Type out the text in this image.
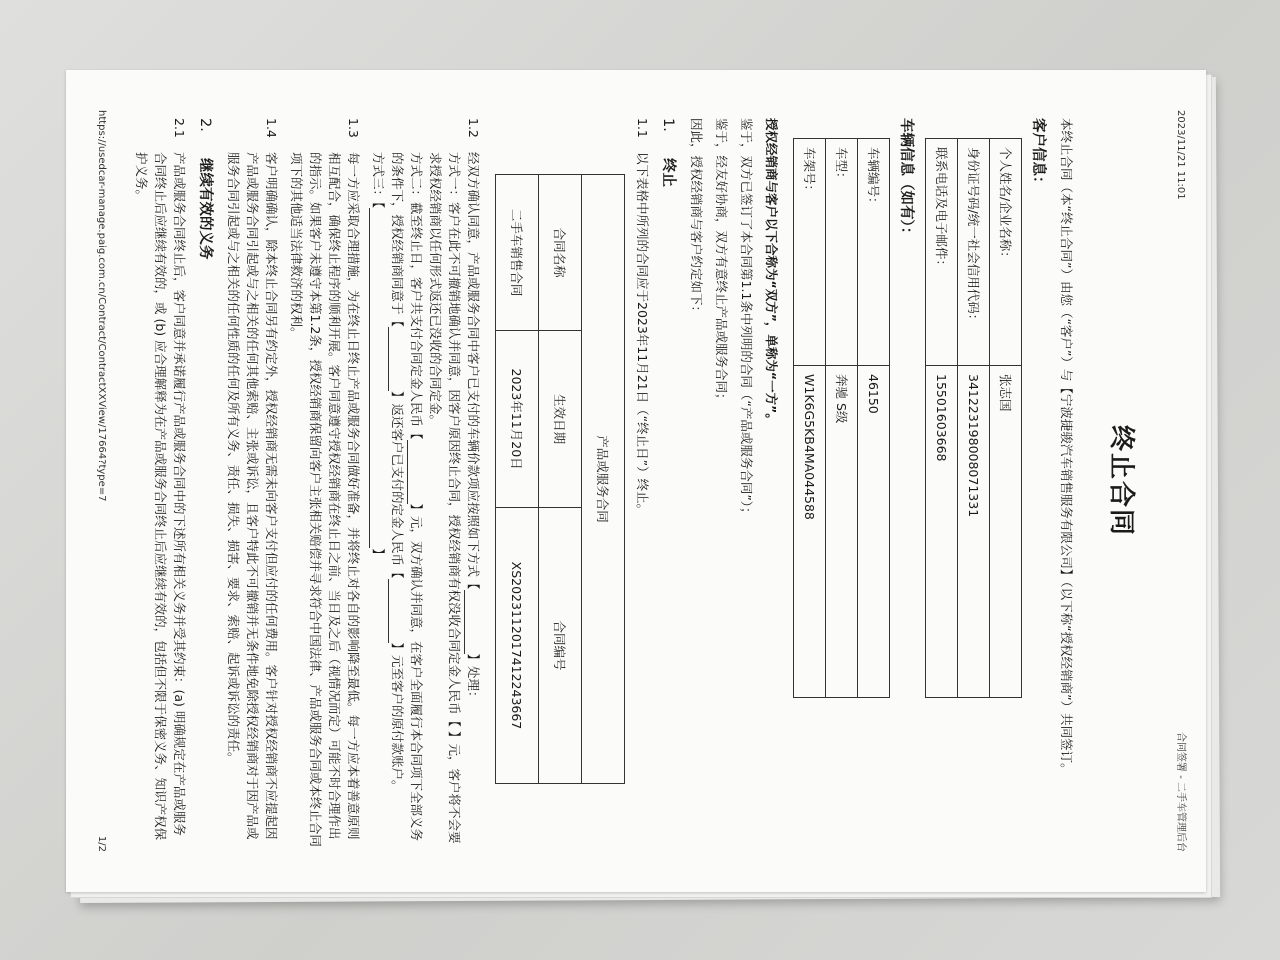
2023/11/21 11:01
合同签署 - 二手车管理后台
终止合同

本终止合同（本“终止合同”）由您（“客户”）与【宁波捷骏汽车销售服务有限公司】（以下称“授权经销商”）共同签订。

客户信息：
个人姓名/企业名称：	张志国
身份证号码/统一社会信用代码：	341223198008071331
联系电话及电子邮件：	15501603668
车辆信息（如有）：
车辆编号：	46150
车型：	奔驰 S级
车架号：	W1K6G5KB4MA044588

授权经销商与客户以下合称为“双方”，单称为“一方”。

鉴于，双方已签订了本合同第1.1条中列明的合同（“产品或服务合同”）；

鉴于，经友好协商，双方有意终止产品或服务合同；

因此，授权经销商与客户约定如下：

1.
终止
1.1
以下表格中所列的合同应于2023年11月21日（“终止日”）终止。
产品或服务合同		
合同名称	生效日期	合同编号
二手车销售合同	2023年11月20日	XS20231120174122436​67
1.2
经双方确认同意，产品或服务合同中客户已支付的车辆价款项应按照如下方式【】处理：
方式一：客户在此不可撤销地确认并同意，因客户原因终止合同，授权经销商有权没收合同定金人民币【 】元，客户将不会要求授权经销商以任何形式返还已没收的合同定金。
方式二：截至终止日，客户共支付合同定金人民币【】元，双方确认并同意，在客户全面履行本合同项下全部义务的条件下，授权经销商同意于【】返还客户已支付的定金人民币【】元至客户的原付款账户。
方式三：【】
1.3
每一方应采取合理措施，为在终止日终止产品或服务合同做好准备，并将终止对各自的影响降至最低。每一方应本着善意原则相互配合，确保终止程序的顺利开展。客户同意遵守授权经销商在终止日之前、当日及之后（视情况而定）可能不时合理作出的指示。如果客户未遵守本第1.2条，授权经销商保留向客户主张相关赔偿并寻求符合中国法律、产品或服务合同或本终止合同项下的其他适当法律救济的权利。
1.4
客户明确确认，除本终止合同另有约定外，授权经销商无需未向客户支付但应付的任何费用。客户针对授权经销商不应提起因产品或服务合同引起或与之相关的任何其他索赔、主张或诉讼，且客户特此不可撤销并无条件地免除授权经销商对于因产品或服务合同引起或与之相关的任何性质的任何及所有义务、责任、损失、损害、要求、索赔、起诉或诉讼的责任。
2.
继续有效的义务
2.1
产品或服务合同终止后，客户同意并承诺履行产品或服务合同中的下述所有相关义务并受其约束：(a) 明确规定在产品或服务合同终止后应继续有效的，或 (b) 应合理解释为在产品或服务合同终止后应继续有效的，包括但不限于保密义务、知识产权保护义务。
https://usedcar-manage.paig.com.cn/Contract/ContractXXView/17664?type=7
1/2
